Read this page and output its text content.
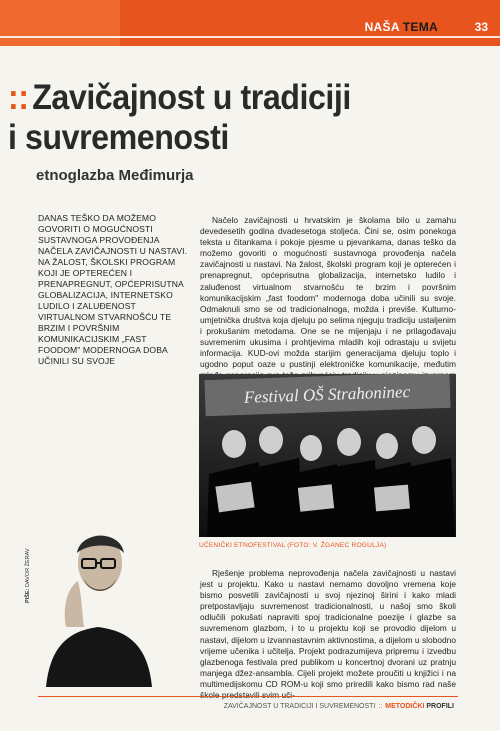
NAŠA TEMA	33
:: Zavičajnost u tradiciji
i suvremenosti
etnoglazba Međimurja
DANAS TEŠKO DA MOŽEMO GOVORITI O MOGUĆNOSTI SUSTAVNOGA PROVOĐENJA NAČELA ZAVIČAJNOSTI U NASTAVI. NA ŽALOST, ŠKOLSKI PROGRAM KOJI JE OPTEREĆEN I PRENAPREGNUT, OPĆEPRISUTNA GLOBALIZACIJA, INTERNETSKO LUDILO I ZALUĐENOST VIRTUALNOM STVARNOŠĆU TE BRZIM I POVRŠNIM KOMUNIKACIJSKIM „FAST FOODOM" MODERNOGA DOBA UČINILI SU SVOJE

Načelo zavičajnosti u hrvatskim je školama bilo u zamahu devedesetih godina dvadesetoga stoljeća. Čini se, osim ponekoga teksta u čitankama i pokoje pjesme u pjevankama, danas teško da možemo govoriti o mogućnosti sustavnoga provođenja načela zavičajnosti u nastavi. Na žalost, školski program koji je opterećen i prenapregnut, općeprisutna globalizacija, internetsko ludilo i zaluđenost virtualnom stvarnošću te brzim i površnim komunikacijskim „fast foodom" modernoga doba učinili su svoje. Odmaknuli smo se od tradicionalnoga, možda i previše. Kulturno-umjetnička društva koja djeluju po selima njeguju tradiciju ustaljenim i prokušanim metodama. One se ne mijenjaju i ne prilagođavaju suvremenim ukusima i prohtjevima mladih koji odrastaju u svijetu informacija. KUD-ovi možda starijim generacijama djeluju toplo i ugodno poput oaze u pustinji elektroničke komunikacije, međutim

Festival OŠ Strahoninec
UČENIČKI ETNOFESTIVAL (FOTO: V. ŽGANEC ROGULJA)

Rješenje problema neprovođenja načela zavičajnosti u nastavi jest u projektu. Kako u nastavi nemamo dovoljno vremena koje bismo posvetili zavičajnosti u svoj njezinoj širini i kako mladi pretpostavljaju suvremenost tradicionalnosti, u našoj smo školi odlučili pokušati napraviti spoj tradicionalne poezije i glazbe sa suvremenom glazbom, i to u projektu koji se provodio dijelom u nastavi, dijelom u izvannastavnim aktivnostima, a dijelom u slobodno vrijeme učenika i učitelja. Projekt podrazumijeva pripremu i izvedbu glazbenoga festivala pred publikom u koncertnoj dvorani uz pratnju manjega džez-ansambla. Cijeli projekt možete proučiti u knjižici i na multimedijskomu CD ROM-u koji smo priredili kako bismo rad naše

PIŠE: DAVOR ŽERAV
ZAVIČAJNOST U TRADICIJI I SUVREMENOSTI :: METODIČKI PROFILI
